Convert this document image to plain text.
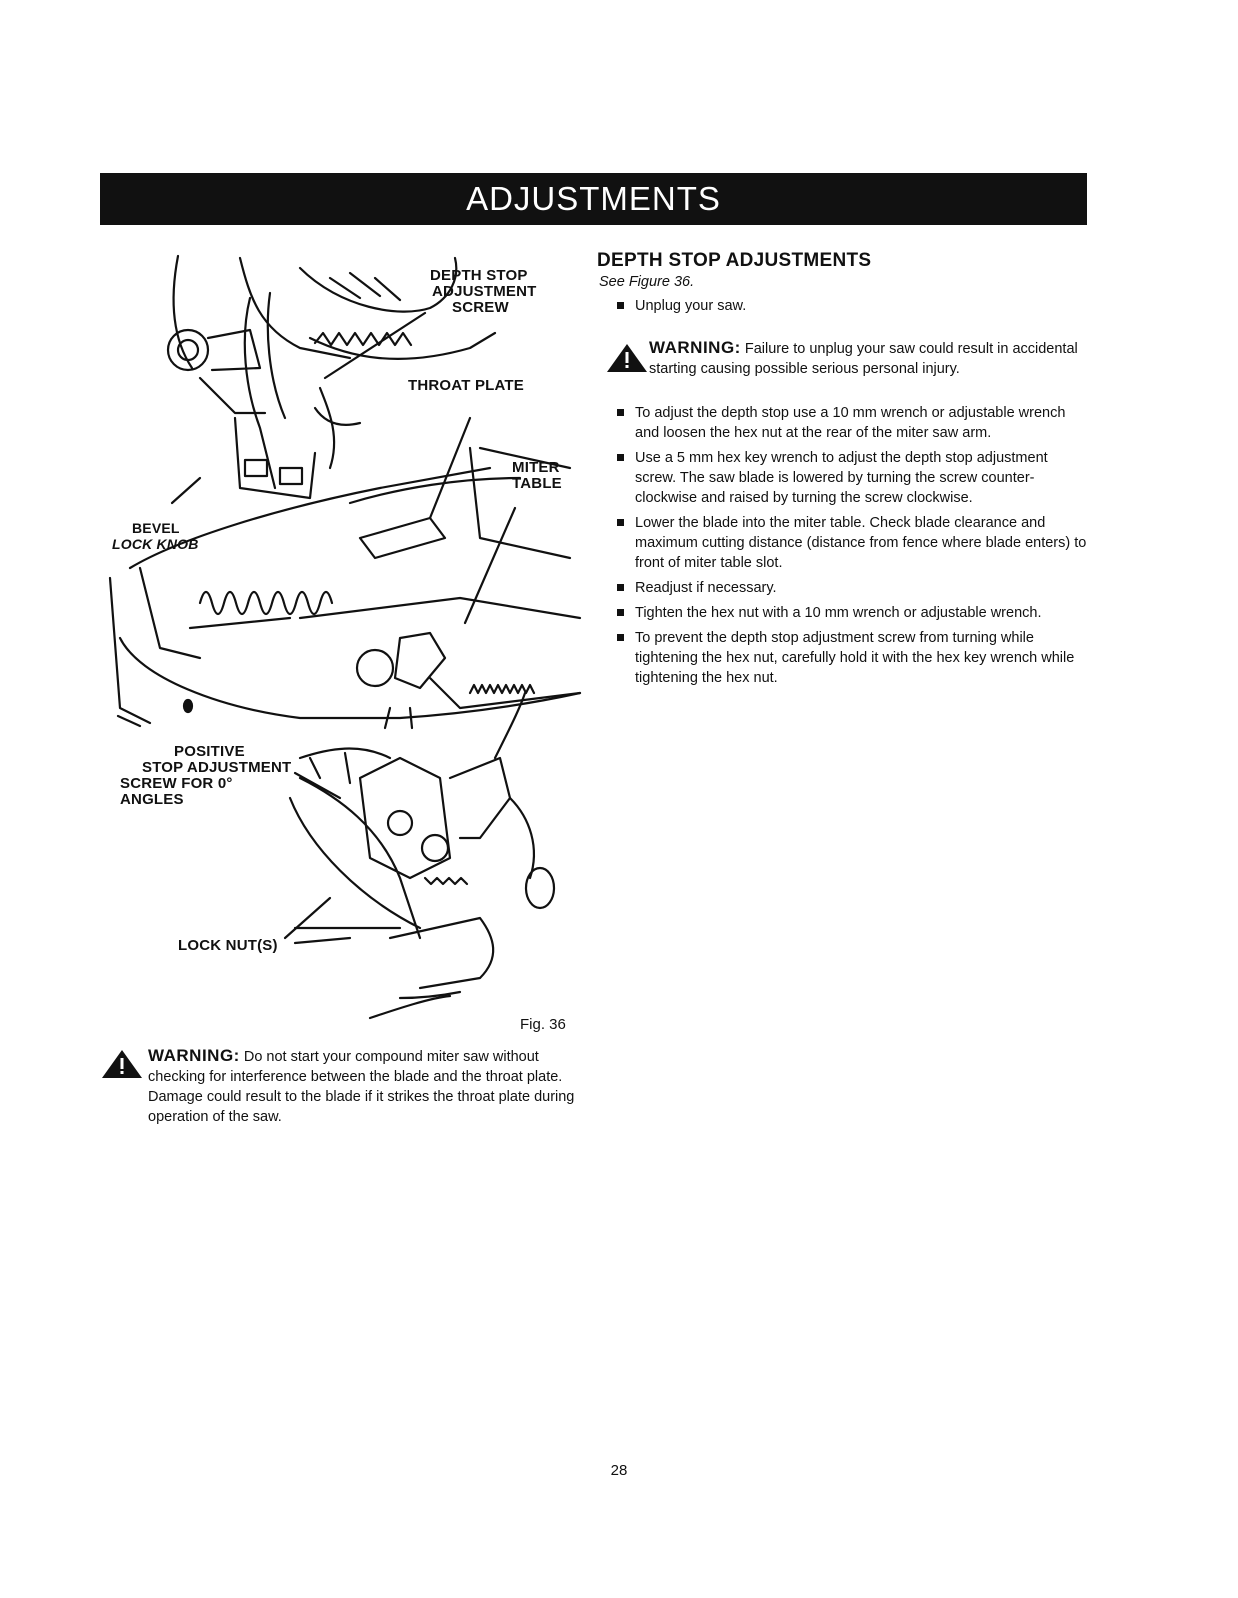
ADJUSTMENTS
DEPTH STOP
ADJUSTMENT
SCREW
THROAT PLATE
MITER
TABLE
BEVEL
LOCK KNOB
POSITIVE
STOP ADJUSTMENT
SCREW FOR 0° ANGLES
LOCK NUT(S)
Fig. 36
WARNING: Do not start your compound miter saw without checking for interference between the blade and the throat plate. Damage could result to the blade if it strikes the throat plate during operation of the saw.
DEPTH STOP ADJUSTMENTS
See Figure 36.
Unplug your saw.
WARNING: Failure to unplug your saw could result in accidental starting causing possible serious personal injury.
To adjust the depth stop use a 10 mm wrench or adjustable wrench and loosen the hex nut at the rear of the miter saw arm.
Use a 5 mm hex key wrench to adjust the depth stop adjustment screw. The saw blade is lowered by turning the screw counter-clockwise and raised by turning the screw clockwise.
Lower the blade into the miter table. Check blade clearance and maximum cutting distance (distance from fence where blade enters) to front of miter table slot.
Readjust if necessary.
Tighten the hex nut with a 10 mm wrench or adjustable wrench.
To prevent the depth stop adjustment screw from turning while tightening the hex nut, carefully hold it with the hex key wrench while tightening the hex nut.
28
